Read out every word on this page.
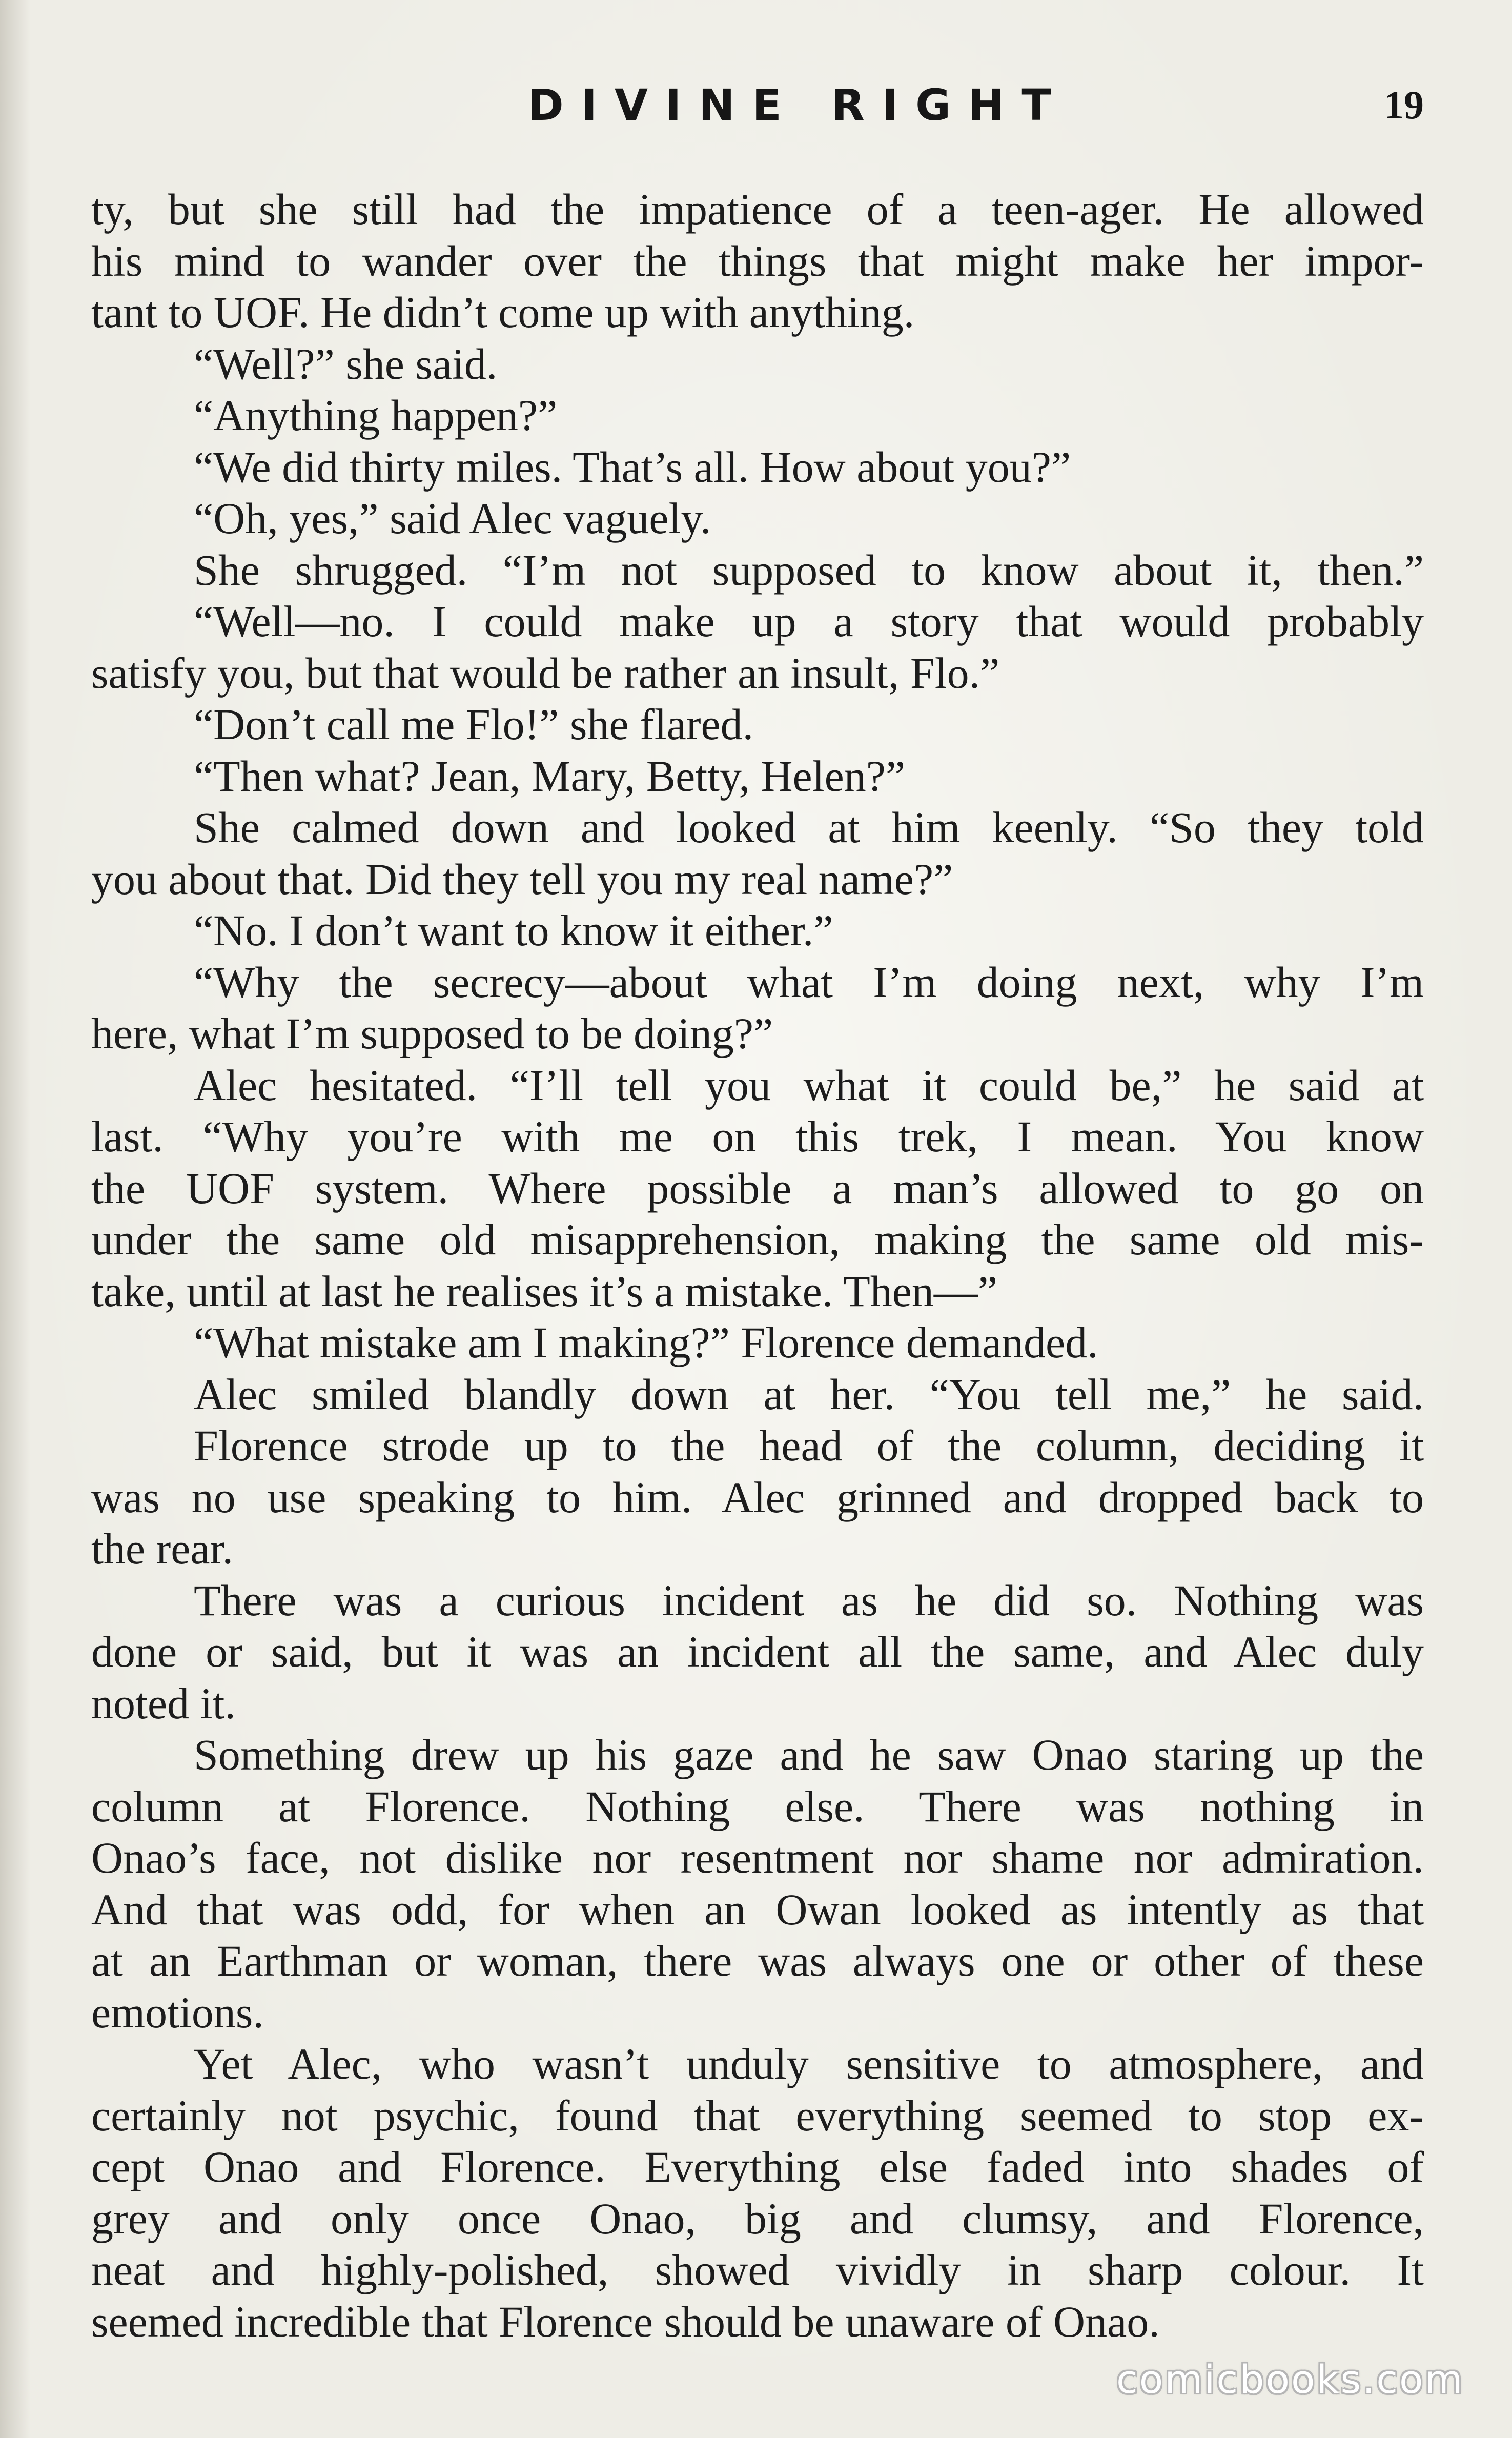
DIVINE RIGHT	19
ty, but she still had the impatience of a teen-ager. He allowed
his mind to wander over the things that might make her impor-
tant to UOF. He didn’t come up with anything.
“Well?” she said.
“Anything happen?”
“We did thirty miles. That’s all. How about you?”
“Oh, yes,” said Alec vaguely.
She shrugged. “I’m not supposed to know about it, then.”
“Well—no. I could make up a story that would probably
satisfy you, but that would be rather an insult, Flo.”
“Don’t call me Flo!” she flared.
“Then what? Jean, Mary, Betty, Helen?”
She calmed down and looked at him keenly. “So they told
you about that. Did they tell you my real name?”
“No. I don’t want to know it either.”
“Why the secrecy—about what I’m doing next, why I’m
here, what I’m supposed to be doing?”
Alec hesitated. “I’ll tell you what it could be,” he said at
last. “Why you’re with me on this trek, I mean. You know
the UOF system. Where possible a man’s allowed to go on
under the same old misapprehension, making the same old mis-
take, until at last he realises it’s a mistake. Then—”
“What mistake am I making?” Florence demanded.
Alec smiled blandly down at her. “You tell me,” he said.
Florence strode up to the head of the column, deciding it
was no use speaking to him. Alec grinned and dropped back to
the rear.
There was a curious incident as he did so. Nothing was
done or said, but it was an incident all the same, and Alec duly
noted it.
Something drew up his gaze and he saw Onao staring up the
column at Florence. Nothing else. There was nothing in
Onao’s face, not dislike nor resentment nor shame nor admiration.
And that was odd, for when an Owan looked as intently as that
at an Earthman or woman, there was always one or other of these
emotions.
Yet Alec, who wasn’t unduly sensitive to atmosphere, and
certainly not psychic, found that everything seemed to stop ex-
cept Onao and Florence. Everything else faded into shades of
grey and only once Onao, big and clumsy, and Florence,
neat and highly-polished, showed vividly in sharp colour. It
seemed incredible that Florence should be unaware of Onao.
comicbooks.com
